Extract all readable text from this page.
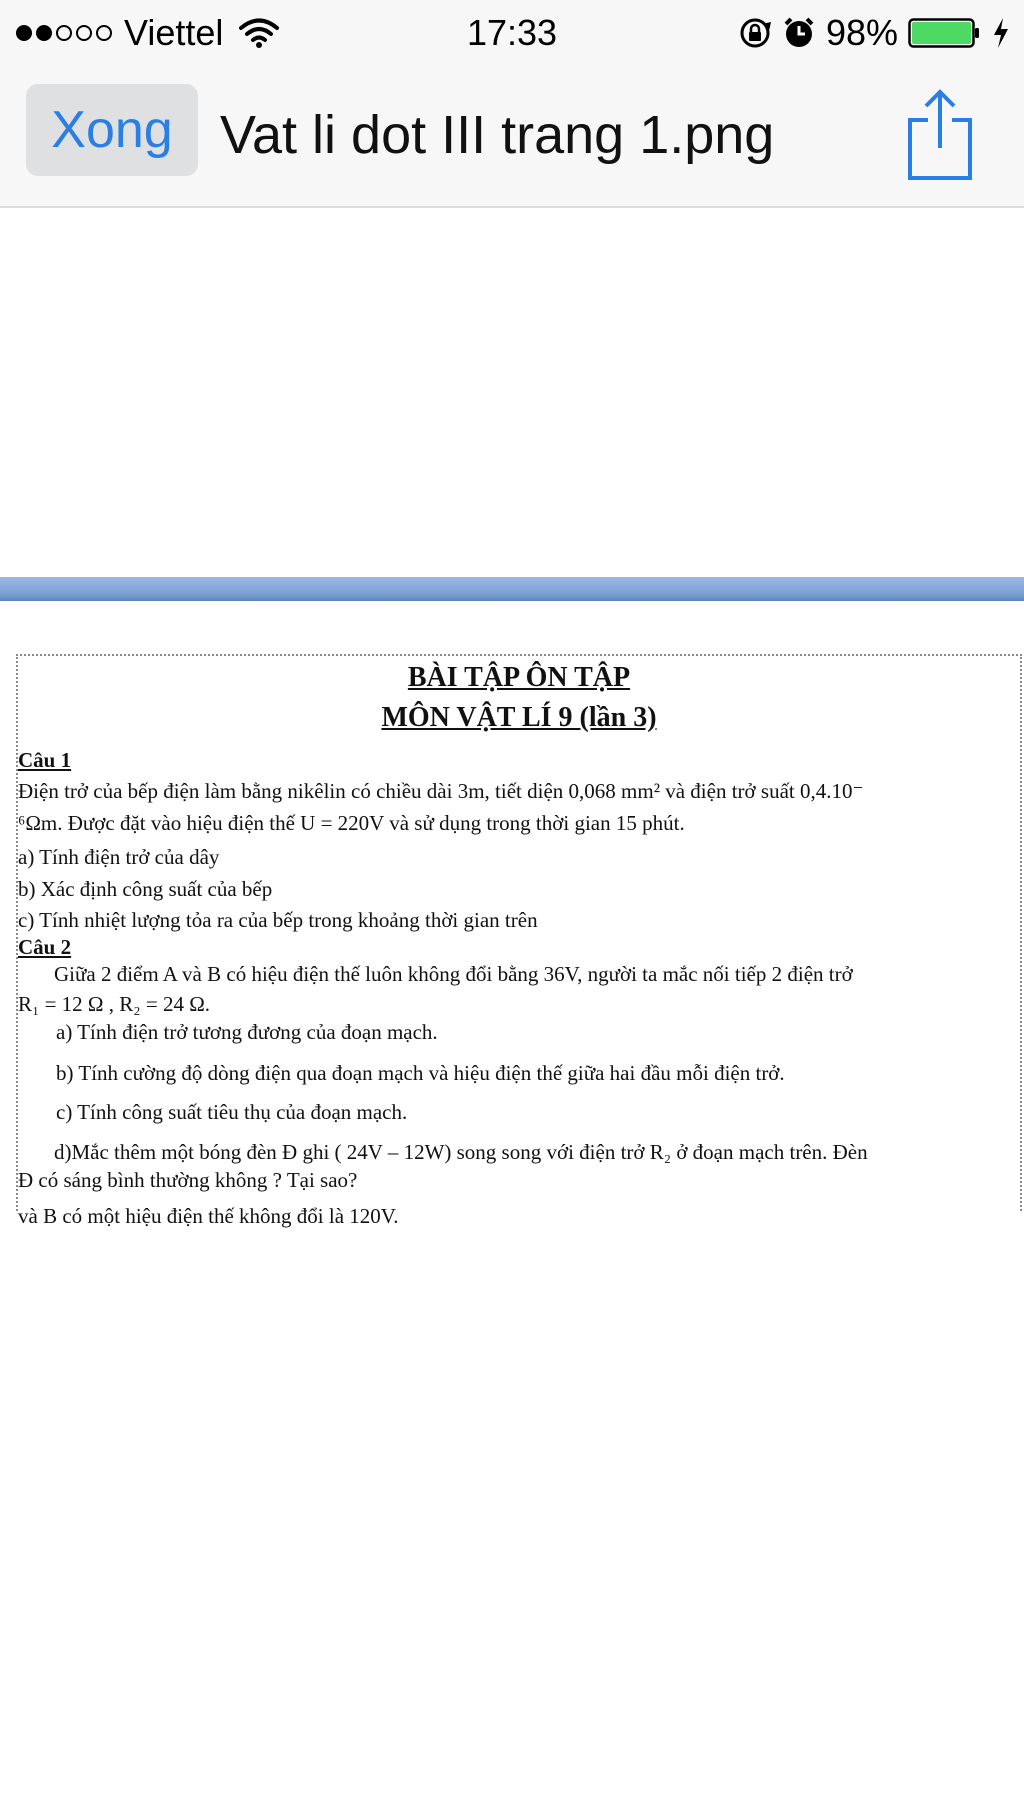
Viettel	17:33	98%
Xong Vat li dot III trang 1.png
BÀI TẬP ÔN TẬP
MÔN VẬT LÍ 9 (lần 3)
Câu 1
Điện trở của bếp điện làm bằng nikêlin có chiều dài 3m, tiết diện 0,068 mm² và điện trở suất 0,4.10⁻
⁶Ωm. Được đặt vào hiệu điện thế U = 220V và sử dụng trong thời gian 15 phút.
a) Tính điện trở của dây
b) Xác định công suất của bếp
c) Tính nhiệt lượng tỏa ra của bếp trong khoảng thời gian trên
Câu 2
Giữa 2 điểm A và B có hiệu điện thế luôn không đổi bằng 36V, người ta mắc nối tiếp 2 điện trở
R₁ = 12 Ω , R₂ = 24 Ω.
a) Tính điện trở tương đương của đoạn mạch.
b) Tính cường độ dòng điện qua đoạn mạch và hiệu điện thế giữa hai đầu mỗi điện trở.
c) Tính công suất tiêu thụ của đoạn mạch.
d)Mắc thêm một bóng đèn Đ ghi ( 24V – 12W) song song với điện trở R₂ ở đoạn mạch trên. Đèn
Đ có sáng bình thường không ? Tại sao?
và B có một hiệu điện thế không đổi là 120V.
